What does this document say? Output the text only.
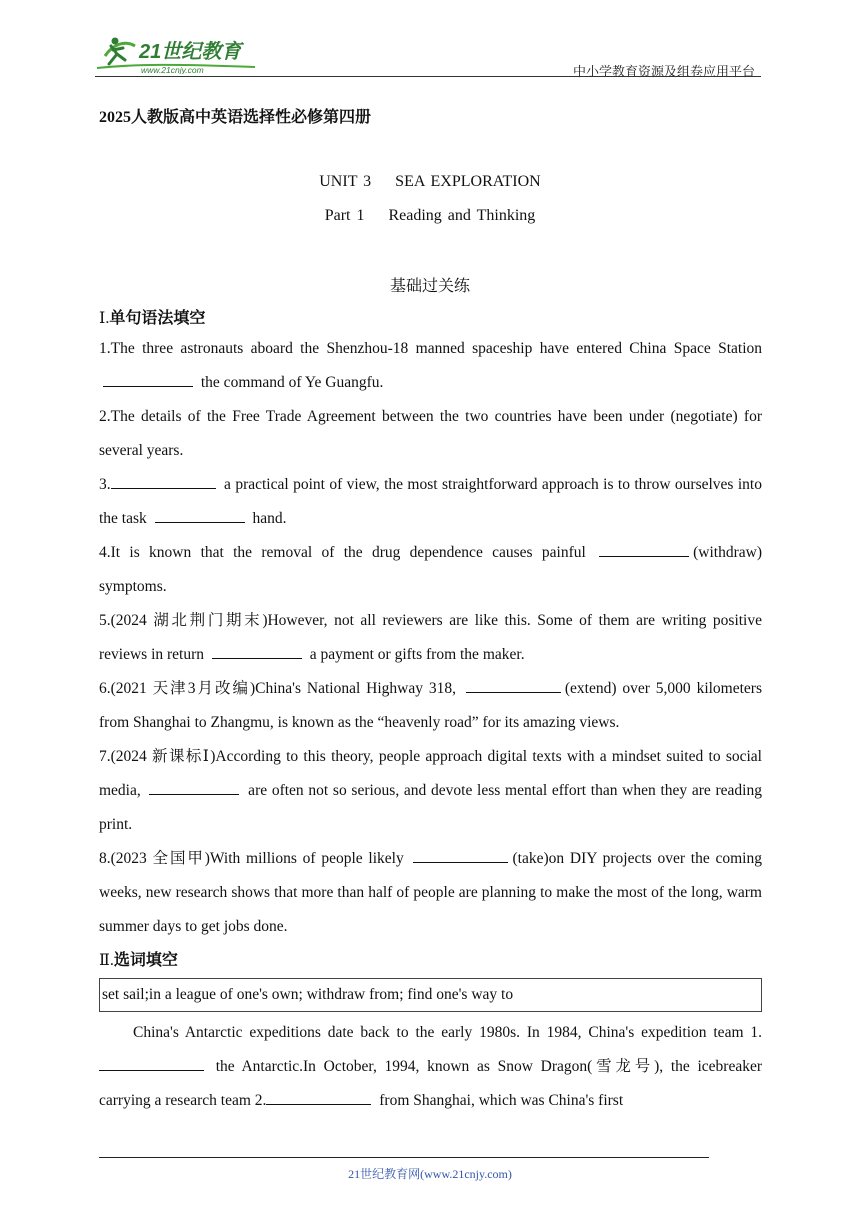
21世纪教育
www.21cnjy.com	中小学教育资源及组卷应用平台
2025人教版高中英语选择性必修第四册
UNIT 3    SEA EXPLORATION
Part 1    Reading and Thinking
基础过关练

Ⅰ.单句语法填空

1.The three astronauts aboard the Shenzhou-18 manned spaceship have entered China Space Station  the command of Ye Guangfu.

2.The details of the Free Trade Agreement between the two countries have been under (negotiate) for several years.

3.	a practical point of view, the most straightforward approach is to throw ourselves into the task	hand.

4.It is known that the removal of the drug dependence causes painful	(withdraw) symptoms.

5.(2024 湖北荆门期末)However, not all reviewers are like this. Some of them are writing positive reviews in return	a payment or gifts from the maker.

6.(2021 天津3月改编)China's National Highway 318,	(extend) over 5,000 kilometers from Shanghai to Zhangmu, is known as the “heavenly road” for its amazing views.

7.(2024 新课标Ⅰ)According to this theory, people approach digital texts with a mindset suited to social media,	are often not so serious, and devote less mental effort than when they are reading print.

8.(2023 全国甲)With millions of people likely	(take)on DIY projects over the coming weeks, new research shows that more than half of people are planning to make the most of the long, warm summer days to get jobs done.

Ⅱ.选词填空

set sail;in a league of one's own; withdraw from; find one's way to

China's Antarctic expeditions date back to the early 1980s. In 1984, China's expedition team 1. the Antarctic.In October, 1994, known as Snow Dragon(雪龙号), the icebreaker carrying a research team 2.	from Shanghai, which was China's first

21世纪教育网(www.21cnjy.com)
